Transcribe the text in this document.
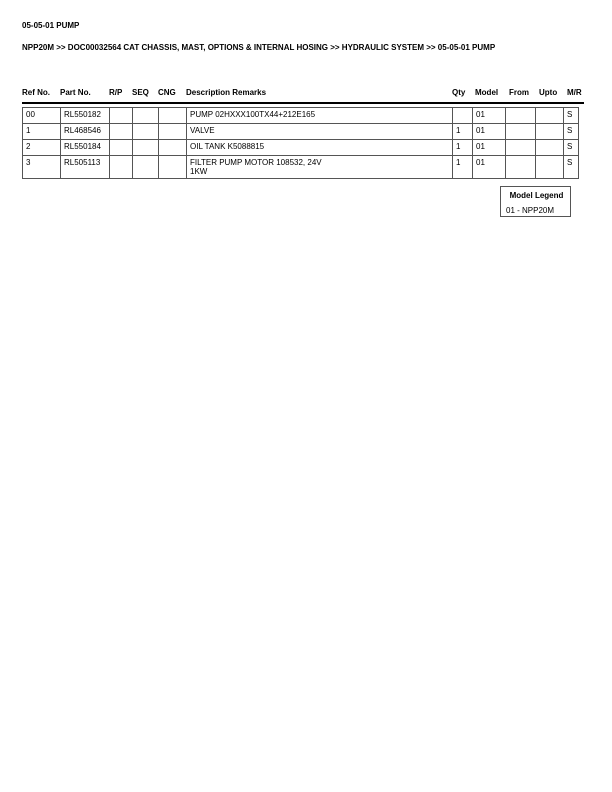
05-05-01 PUMP
NPP20M >> DOC00032564 CAT CHASSIS, MAST, OPTIONS & INTERNAL HOSING >> HYDRAULIC SYSTEM >> 05-05-01 PUMP
Ref No. Part No. R/P SEQ CNG Description Remarks	Qty Model From Upto M/R
00	RL550182				PUMP 02HXXX100TX44+212E165		01			S
1	RL468546				VALVE	1	01			S
2	RL550184				OIL TANK K5088815	1	01			S
3	RL505113				FILTER PUMP MOTOR 108532, 24V
1KW	1	01			S
Model Legend
01 - NPP20M
